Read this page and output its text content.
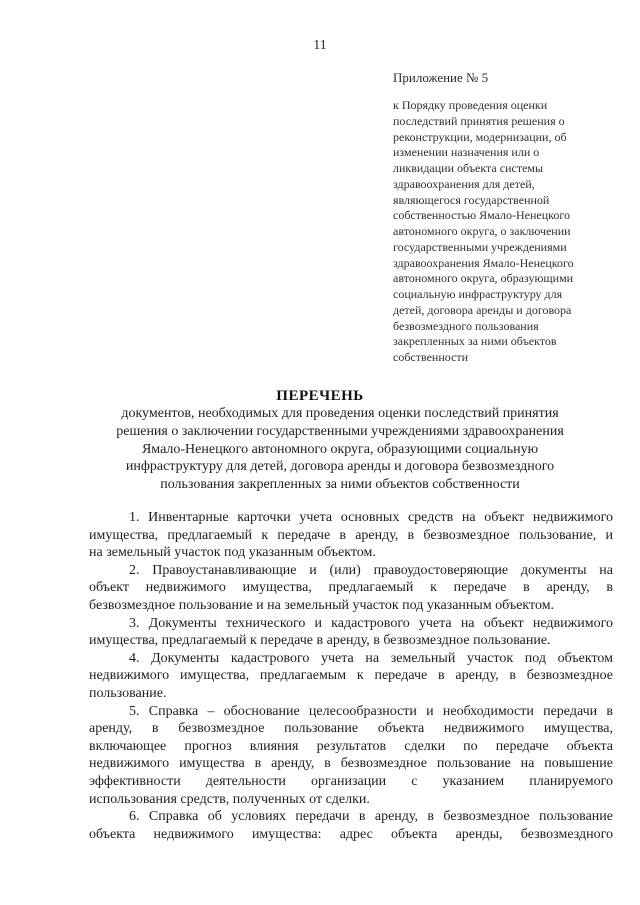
11
Приложение № 5
к Порядку проведения оценки
последствий принятия решения о
реконструкции, модернизации, об
изменении назначения или о
ликвидации объекта системы
здравоохранения для детей,
являющегося государственной
собственностью Ямало-Ненецкого
автономного округа, о заключении
государственными учреждениями
здравоохранения Ямало-Ненецкого
автономного округа, образующими
социальную инфраструктуру для
детей, договора аренды и договора
безвозмездного пользования
закрепленных за ними объектов
собственности
ПЕРЕЧЕНЬ
документов, необходимых для проведения оценки последствий принятия
решения о заключении государственными учреждениями здравоохранения
Ямало-Ненецкого автономного округа, образующими социальную
инфраструктуру для детей, договора аренды и договора безвозмездного
пользования закрепленных за ними объектов собственности
1. Инвентарные карточки учета основных средств на объект недвижимого
имущества, предлагаемый к передаче в аренду, в безвозмездное пользование, и
на земельный участок под указанным объектом.
2. Правоустанавливающие и (или) правоудостоверяющие документы на
объект недвижимого имущества, предлагаемый к передаче в аренду, в
безвозмездное пользование и на земельный участок под указанным объектом.
3. Документы технического и кадастрового учета на объект недвижимого
имущества, предлагаемый к передаче в аренду, в безвозмездное пользование.
4. Документы кадастрового учета на земельный участок под объектом
недвижимого имущества, предлагаемым к передаче в аренду, в безвозмездное
пользование.
5. Справка – обоснование целесообразности и необходимости передачи в
аренду, в безвозмездное пользование объекта недвижимого имущества,
включающее прогноз влияния результатов сделки по передаче объекта
недвижимого имущества в аренду, в безвозмездное пользование на повышение
эффективности деятельности организации с указанием планируемого
использования средств, полученных от сделки.
6. Справка об условиях передачи в аренду, в безвозмездное пользование
объекта недвижимого имущества: адрес объекта аренды, безвозмездного
